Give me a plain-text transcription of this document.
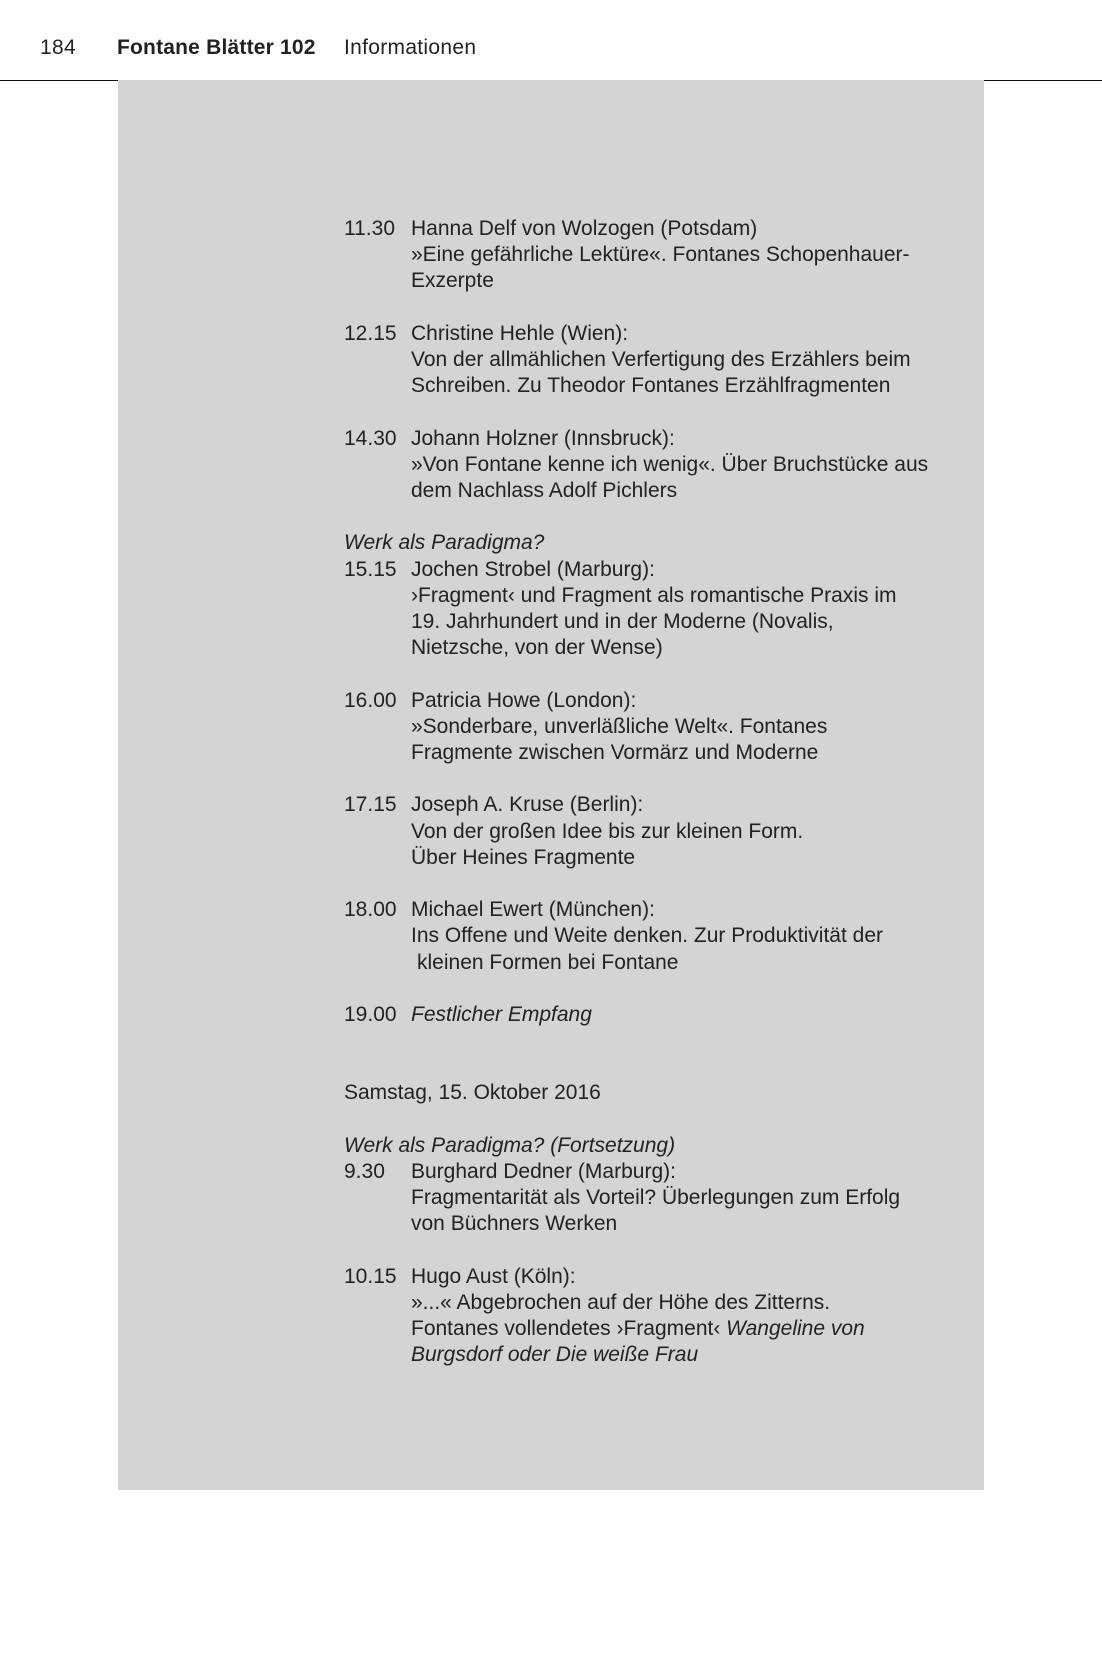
184 Fontane Blätter 102 Informationen
11.30 Hanna Delf von Wolzogen (Potsdam)
»Eine gefährliche Lektüre«. Fontanes Schopenhauer-
Exzerpte
12.15 Christine Hehle (Wien):
Von der allmählichen Verfertigung des Erzählers beim
Schreiben. Zu Theodor Fontanes Erzählfragmenten
14.30 Johann Holzner (Innsbruck):
»Von Fontane kenne ich wenig«. Über Bruchstücke aus
dem Nachlass Adolf Pichlers
Werk als Paradigma?
15.15 Jochen Strobel (Marburg):
›Fragment‹ und Fragment als romantische Praxis im
19. Jahrhundert und in der Moderne (Novalis,
Nietzsche, von der Wense)
16.00 Patricia Howe (London):
»Sonderbare, unverläßliche Welt«. Fontanes
Fragmente zwischen Vormärz und Moderne
17.15 Joseph A. Kruse (Berlin):
Von der großen Idee bis zur kleinen Form.
Über Heines Fragmente
18.00 Michael Ewert (München):
Ins Offene und Weite denken. Zur Produktivität der
kleinen Formen bei Fontane
19.00 Festlicher Empfang
Samstag, 15. Oktober 2016
Werk als Paradigma? (Fortsetzung)
9.30 Burghard Dedner (Marburg):
Fragmentarität als Vorteil? Überlegungen zum Erfolg
von Büchners Werken
10.15 Hugo Aust (Köln):
»...« Abgebrochen auf der Höhe des Zitterns.
Fontanes vollendetes ›Fragment‹ Wangeline von
Burgsdorf oder Die weiße Frau
